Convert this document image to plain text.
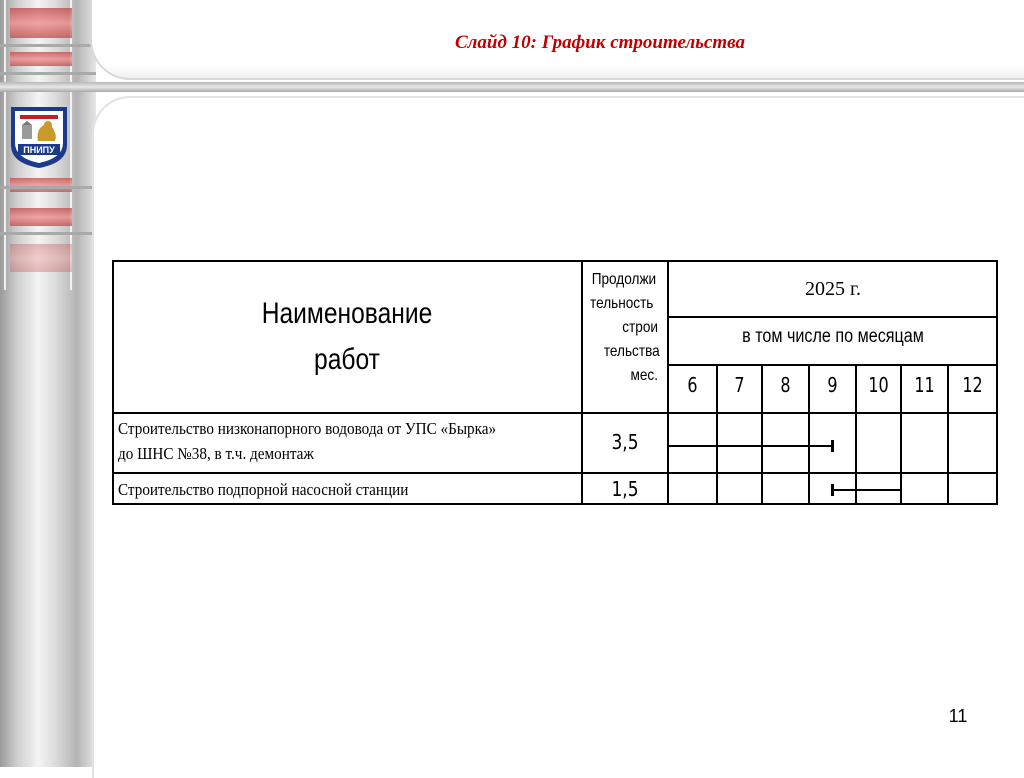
Слайд 10: График строительства
ПНИПУ
Наименование
работ
Продолжи
тельность
строи
тельства
мес.
2025 г.
в том числе по месяцам
6	7	8	9	10	11	12
Строительство низконапорного водовода от УПС «Бырка»
до ШНС №38, в т.ч. демонтаж	3,5
Строительство подпорной насосной станции	1,5
11
